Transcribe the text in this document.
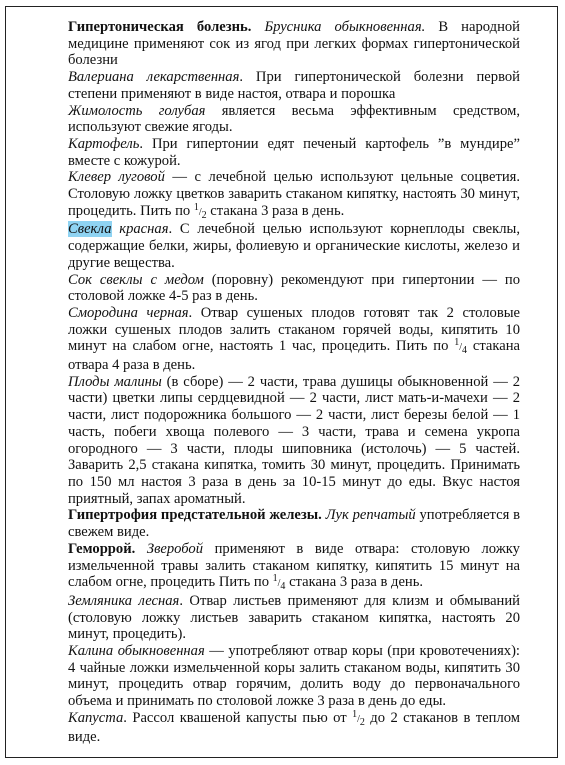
Гипертоническая болезнь. Брусника обыкновенная. В народной медицине применяют сок из ягод при легких формах гипертонической болезни

Валериана лекарственная. При гипертонической болезни первой степени применяют в виде настоя, отвара и порошка

Жимолость голубая является весьма эффективным средством, используют свежие ягоды.

Картофель. При гипертонии едят печеный картофель ”в мундире” вместе с кожурой.

Клевер луговой — с лечебной целью используют цельные соцветия. Столовую ложку цветков заварить стаканом кипятку, настоять 30 минут, процедить. Пить по $^1/_2$ стакана 3 раза в день.

Свекла красная. С лечебной целью используют корнеплоды свеклы, содержащие белки, жиры, фолиевую и органические кислоты, железо и другие вещества.

Сок свеклы с медом (поровну) рекомендуют при гипертонии — по столовой ложке 4-5 раз в день.

Смородина черная. Отвар сушеных плодов готовят так 2 столовые ложки сушеных плодов залить стаканом горячей воды, кипятить 10 минут на слабом огне, настоять 1 час, процедить. Пить по $^1/_4$ стакана отвара 4 раза в день.

Плоды малины (в сборе) — 2 части, трава душицы обыкновенной — 2 части) цветки липы сердцевидной — 2 части, лист мать-и-мачехи — 2 части, лист подорожника большого — 2 части, лист березы белой — 1 часть, побеги хвоща полевого — 3 части, трава и семена укропа огородного — 3 части, плоды шиповника (истолочь) — 5 частей. Заварить 2,5 стакана кипятка, томить 30 минут, процедить. Принимать по 150 мл настоя 3 раза в день за 10-15 минут до еды. Вкус настоя приятный, запах ароматный.

Гипертрофия предстательной железы. Лук репчатый употребляется в свежем виде.

Геморрой. Зверобой применяют в виде отвара: столовую ложку измельченной травы залить стаканом кипятку, кипятить 15 минут на слабом огне, процедить Пить по $^1/_4$ стакана 3 раза в день.

Земляника лесная. Отвар листьев применяют для клизм и обмываний (столовую ложку листьев заварить стаканом кипятка, настоять 20 минут, процедить).

Калина обыкновенная — употребляют отвар коры (при кровотечениях): 4 чайные ложки измельченной коры залить стаканом воды, кипятить 30 минут, процедить отвар горячим, долить воду до первоначального объема и принимать по столовой ложке 3 раза в день до еды.

Капуста. Рассол квашеной капусты пью от $^1/_2$ до 2 стаканов в теплом виде.
